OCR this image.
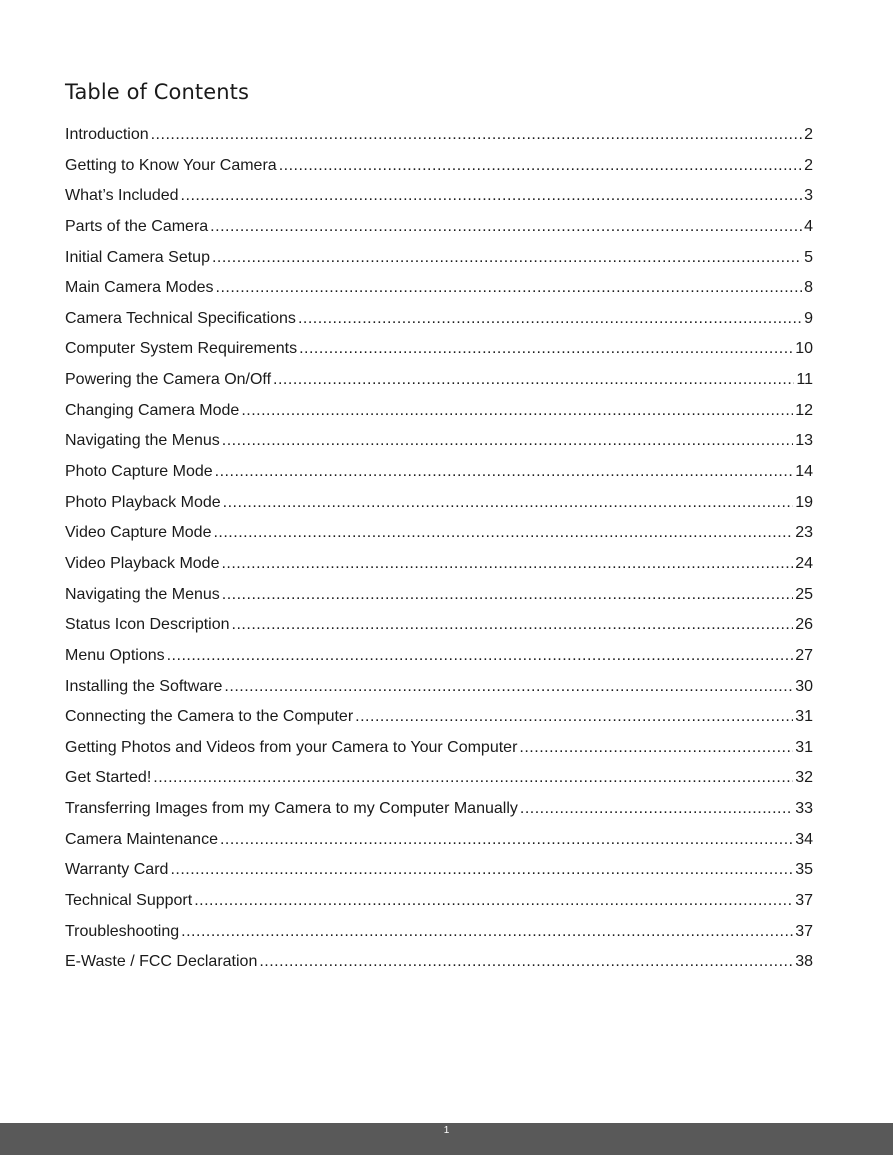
Table of Contents
Introduction .....	2
Getting to Know Your Camera .....	2
What’s Included .....	3
Parts of the Camera .....	4
Initial Camera Setup .....	5
Main Camera Modes .....	8
Camera Technical Specifications .....	9
Computer System Requirements .....	10
Powering the Camera On/Off .....	11
Changing Camera Mode .....	12
Navigating the Menus .....	13
Photo Capture Mode .....	14
Photo Playback Mode .....	19
Video Capture Mode .....	23
Video Playback Mode .....	24
Navigating the Menus .....	25
Status Icon Description .....	26
Menu Options .....	27
Installing the Software .....	30
Connecting the Camera to the Computer .....	31
Getting Photos and Videos from your Camera to Your Computer .....	31
Get Started! .....	32
Transferring Images from my Camera to my Computer Manually .....	33
Camera Maintenance .....	34
Warranty Card .....	35
Technical Support .....	37
Troubleshooting .....	37
E-Waste / FCC Declaration .....	38
1
